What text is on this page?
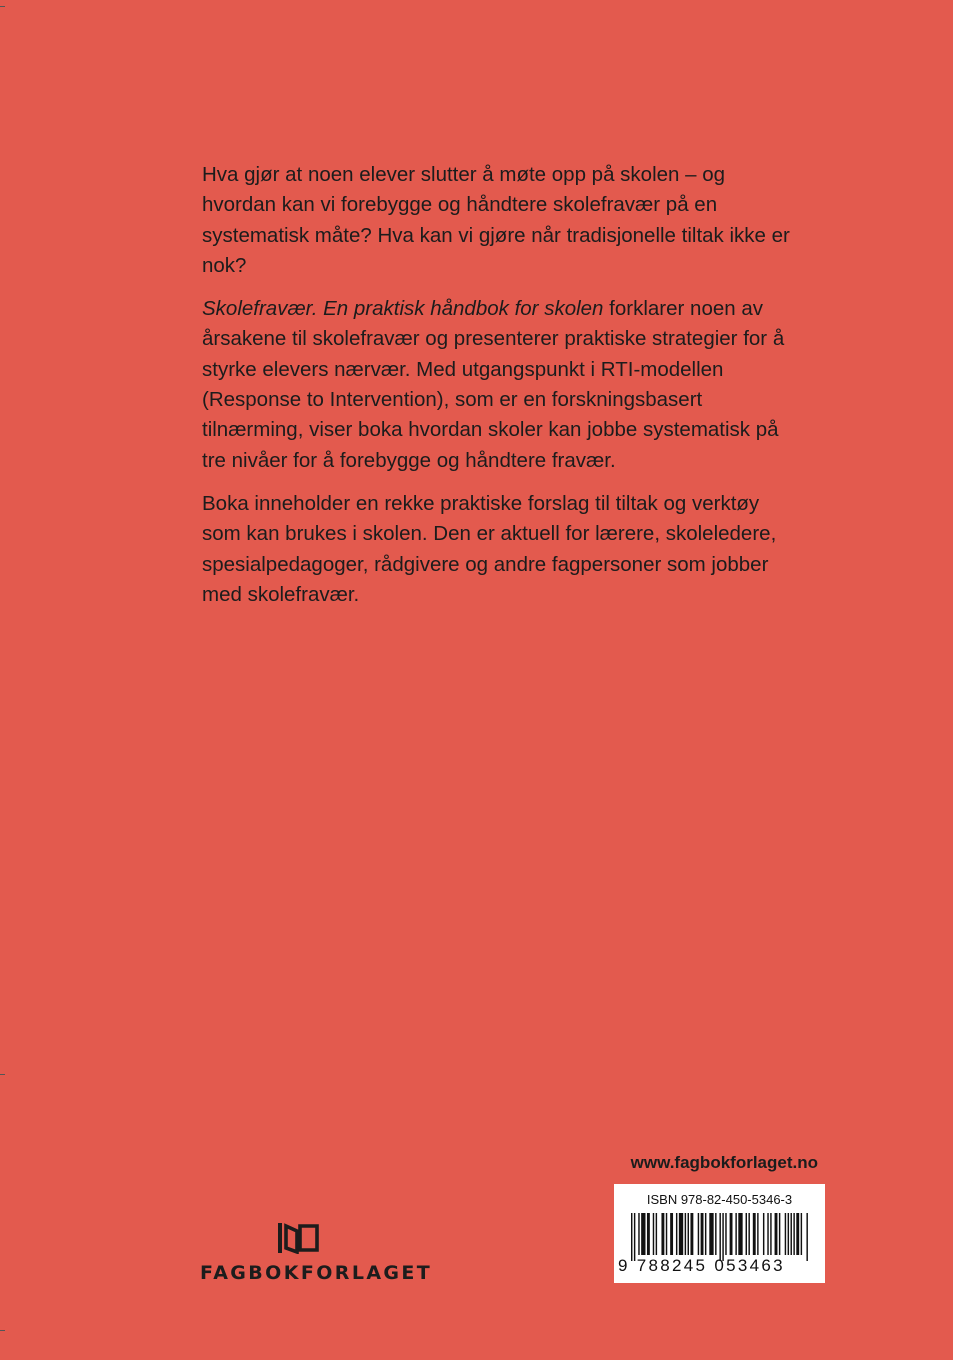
Hva gjør at noen elever slutter å møte opp på skolen – og hvordan kan vi forebygge og håndtere skolefravær på en systematisk måte? Hva kan vi gjøre når tradisjonelle tiltak ikke er nok?

Skolefravær. En praktisk håndbok for skolen forklarer noen av årsakene til skolefravær og presenterer praktiske strategier for å styrke elevers nærvær. Med utgangspunkt i RTI-modellen (Response to Intervention), som er en forskningsbasert tilnærming, viser boka hvordan skoler kan jobbe systematisk på tre nivåer for å forebygge og håndtere fravær.

Boka inneholder en rekke praktiske forslag til tiltak og verktøy som kan brukes i skolen. Den er aktuell for lærere, skoleledere, spesialpedagoger, rådgivere og andre fagpersoner som jobber med skolefravær.

www.fagbokforlaget.no
ISBN 978-82-450-5346-3
9 788245 053463
FAGBOKFORLAGET
